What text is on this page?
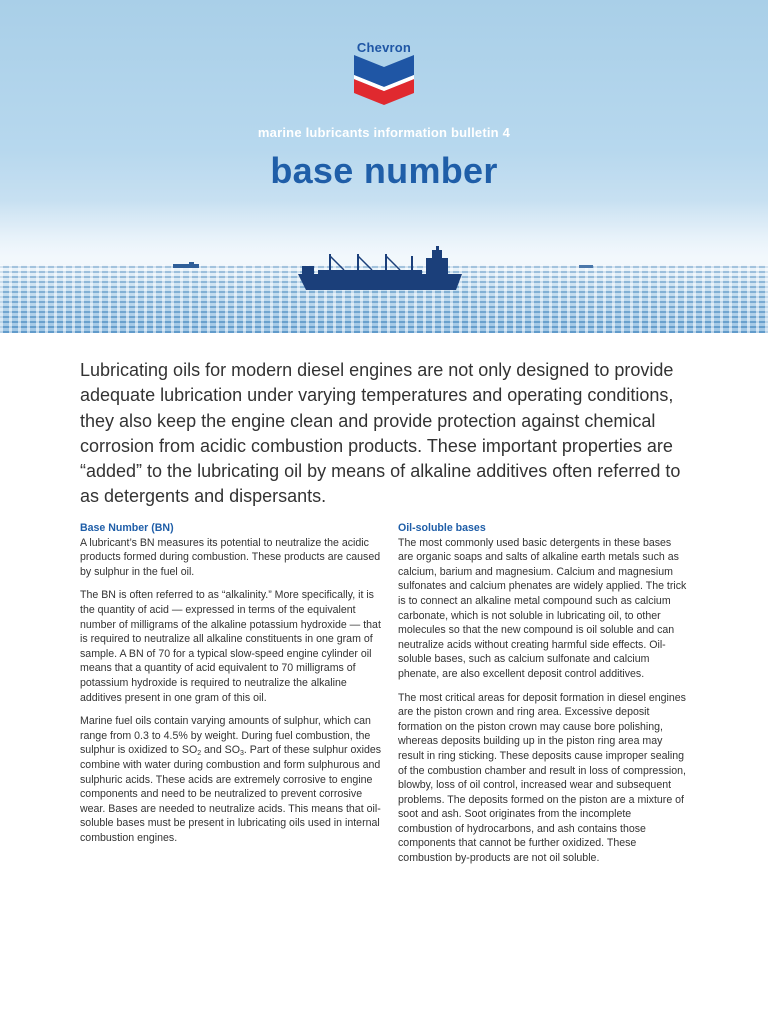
Chevron
marine lubricants information bulletin 4
base number

Lubricating oils for modern diesel engines are not only designed to provide adequate lubrication under varying temperatures and operating conditions, they also keep the engine clean and provide protection against chemical corrosion from acidic combustion products. These important properties are “added” to the lubricating oil by means of alkaline additives often referred to as detergents and dispersants.

Base Number (BN)

A lubricant’s BN measures its potential to neutralize the acidic products formed during combustion. These products are caused by sulphur in the fuel oil.

The BN is often referred to as “alkalinity.” More specifically, it is the quantity of acid — expressed in terms of the equivalent number of milligrams of the alkaline potassium hydroxide — that is required to neutralize all alkaline constituents in one gram of sample. A BN of 70 for a typical slow-speed engine cylinder oil means that a quantity of acid equivalent to 70 milligrams of potassium hydroxide is required to neutralize the alkaline additives present in one gram of this oil.

Marine fuel oils contain varying amounts of sulphur, which can range from 0.3 to 4.5% by weight. During fuel combustion, the sulphur is oxidized to $SO_2$ and $SO_3$. Part of these sulphur oxides combine with water during combustion and form sulphurous and sulphuric acids. These acids are extremely corrosive to engine components and need to be neutralized to prevent corrosive wear. Bases are needed to neutralize acids. This means that oil-soluble bases must be present in lubricating oils used in internal combustion engines.

Oil-soluble bases

The most commonly used basic detergents in these bases are organic soaps and salts of alkaline earth metals such as calcium, barium and magnesium. Calcium and magnesium sulfonates and calcium phenates are widely applied. The trick is to connect an alkaline metal compound such as calcium carbonate, which is not soluble in lubricating oil, to other molecules so that the new compound is oil soluble and can neutralize acids without creating harmful side effects. Oil-soluble bases, such as calcium sulfonate and calcium phenate, are also excellent deposit control additives.

The most critical areas for deposit formation in diesel engines are the piston crown and ring area. Excessive deposit formation on the piston crown may cause bore polishing, whereas deposits building up in the piston ring area may result in ring sticking. These deposits cause improper sealing of the combustion chamber and result in loss of compression, blowby, loss of oil control, increased wear and subsequent problems. The deposits formed on the piston are a mixture of soot and ash. Soot originates from the incomplete combustion of hydrocarbons, and ash contains those components that cannot be further oxidized. These combustion by-products are not oil soluble.
